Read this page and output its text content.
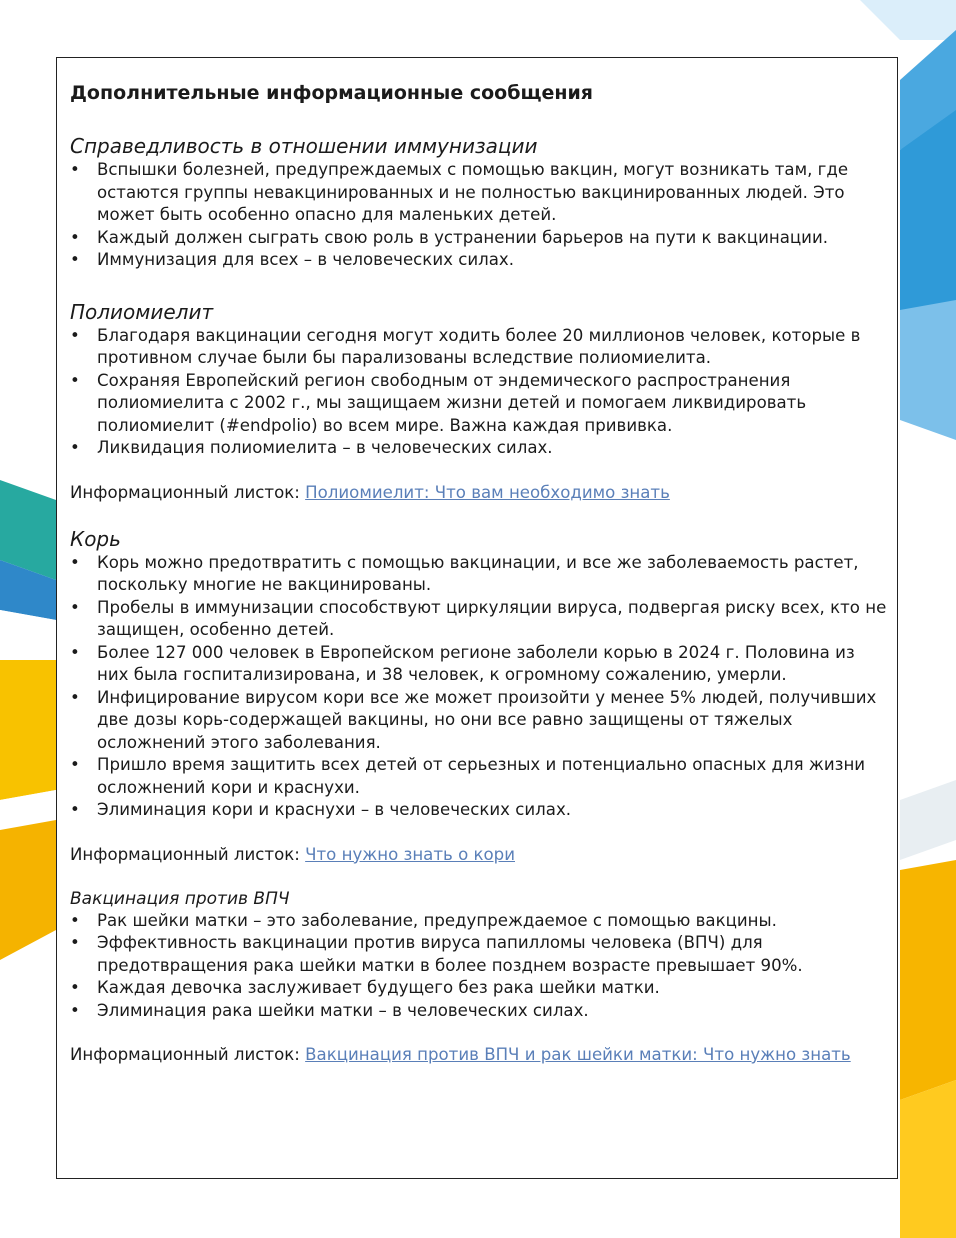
Дополнительные информационные сообщения
Справедливость в отношении иммунизации
• Вспышки болезней, предупреждаемых с помощью вакцин, могут возникать там, где остаются группы невакцинированных и не полностью вакцинированных людей. Это может быть особенно опасно для маленьких детей.
• Каждый должен сыграть свою роль в устранении барьеров на пути к вакцинации.
• Иммунизация для всех – в человеческих силах.
Полиомиелит
• Благодаря вакцинации сегодня могут ходить более 20 миллионов человек, которые в противном случае были бы парализованы вследствие полиомиелита.
• Сохраняя Европейский регион свободным от эндемического распространения полиомиелита с 2002 г., мы защищаем жизни детей и помогаем ликвидировать полиомиелит (#endpolio) во всем мире. Важна каждая прививка.
• Ликвидация полиомиелита – в человеческих силах.

Информационный листок: Полиомиелит: Что вам необходимо знать

Корь
• Корь можно предотвратить с помощью вакцинации, и все же заболеваемость растет, поскольку многие не вакцинированы.
• Пробелы в иммунизации способствуют циркуляции вируса, подвергая риску всех, кто не защищен, особенно детей.
• Более 127 000 человек в Европейском регионе заболели корью в 2024 г. Половина из них была госпитализирована, и 38 человек, к огромному сожалению, умерли.
• Инфицирование вирусом кори все же может произойти у менее 5% людей, получивших две дозы корь-содержащей вакцины, но они все равно защищены от тяжелых осложнений этого заболевания.
• Пришло время защитить всех детей от серьезных и потенциально опасных для жизни осложнений кори и краснухи.
• Элиминация кори и краснухи – в человеческих силах.

Информационный листок: Что нужно знать о кори

Вакцинация против ВПЧ
• Рак шейки матки – это заболевание, предупреждаемое с помощью вакцины.
• Эффективность вакцинации против вируса папилломы человека (ВПЧ) для предотвращения рака шейки матки в более позднем возрасте превышает 90%.
• Каждая девочка заслуживает будущего без рака шейки матки.
• Элиминация рака шейки матки – в человеческих силах.

Информационный листок: Вакцинация против ВПЧ и рак шейки матки: Что нужно знать
